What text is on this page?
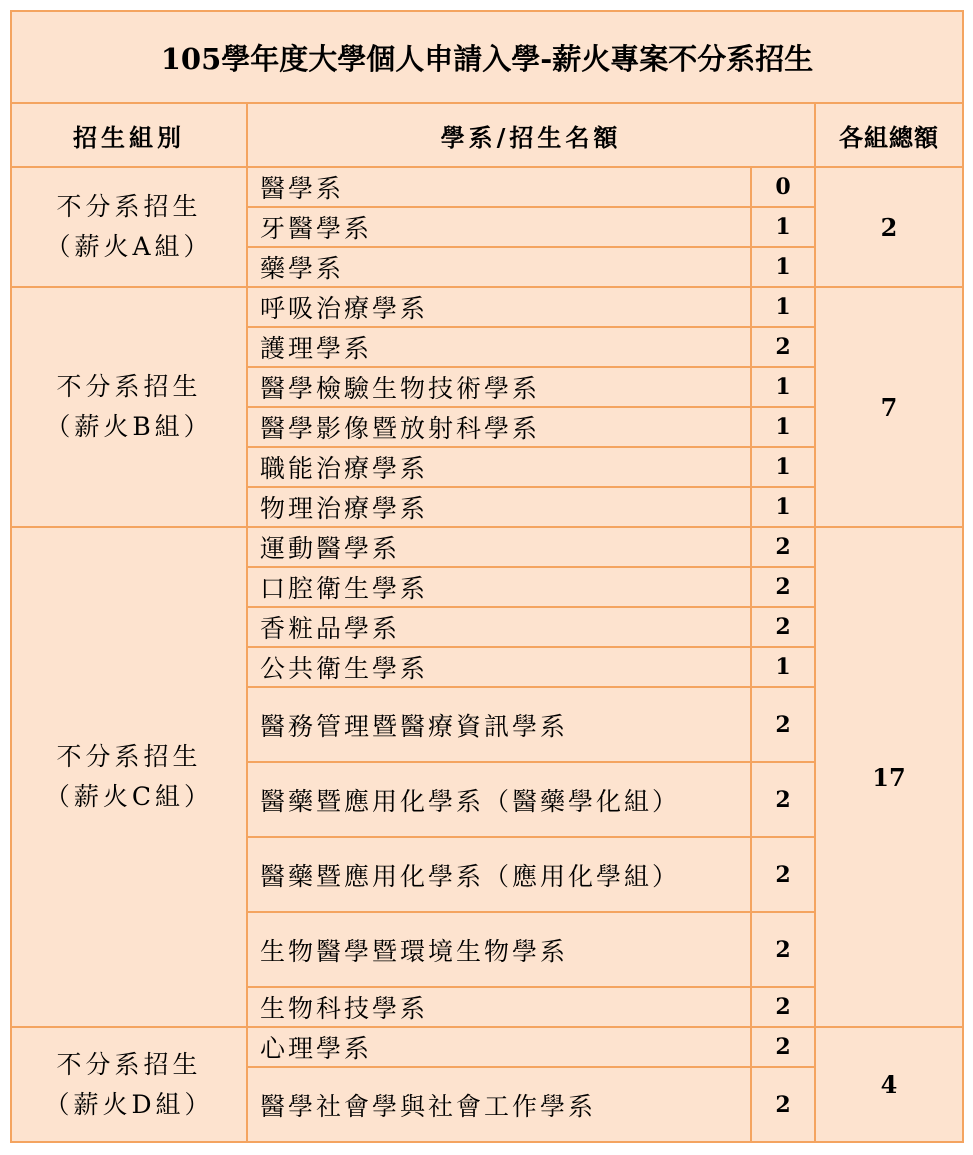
105學年度大學個人申請入學-薪火專案不分系招生			
招生組別	學系/招生名額		各組總額

不分系招生
（薪火A組）	醫學系	0	2
	牙醫學系	1	
	藥學系	1	

不分系招生
（薪火B組）	呼吸治療學系	1	7
	護理學系	2	
	醫學檢驗生物技術學系	1	
	醫學影像暨放射科學系	1	
	職能治療學系	1	
	物理治療學系	1	

不分系招生
（薪火C組）	運動醫學系	2	17
	口腔衛生學系	2	
	香粧品學系	2	
	公共衛生學系	1	
	醫務管理暨醫療資訊學系	2	
	醫藥暨應用化學系（醫藥學化組）	2	
	醫藥暨應用化學系（應用化學組）	2	
	生物醫學暨環境生物學系	2	
	生物科技學系	2	

不分系招生
（薪火D組）	心理學系	2	4
	醫學社會學與社會工作學系	2	
